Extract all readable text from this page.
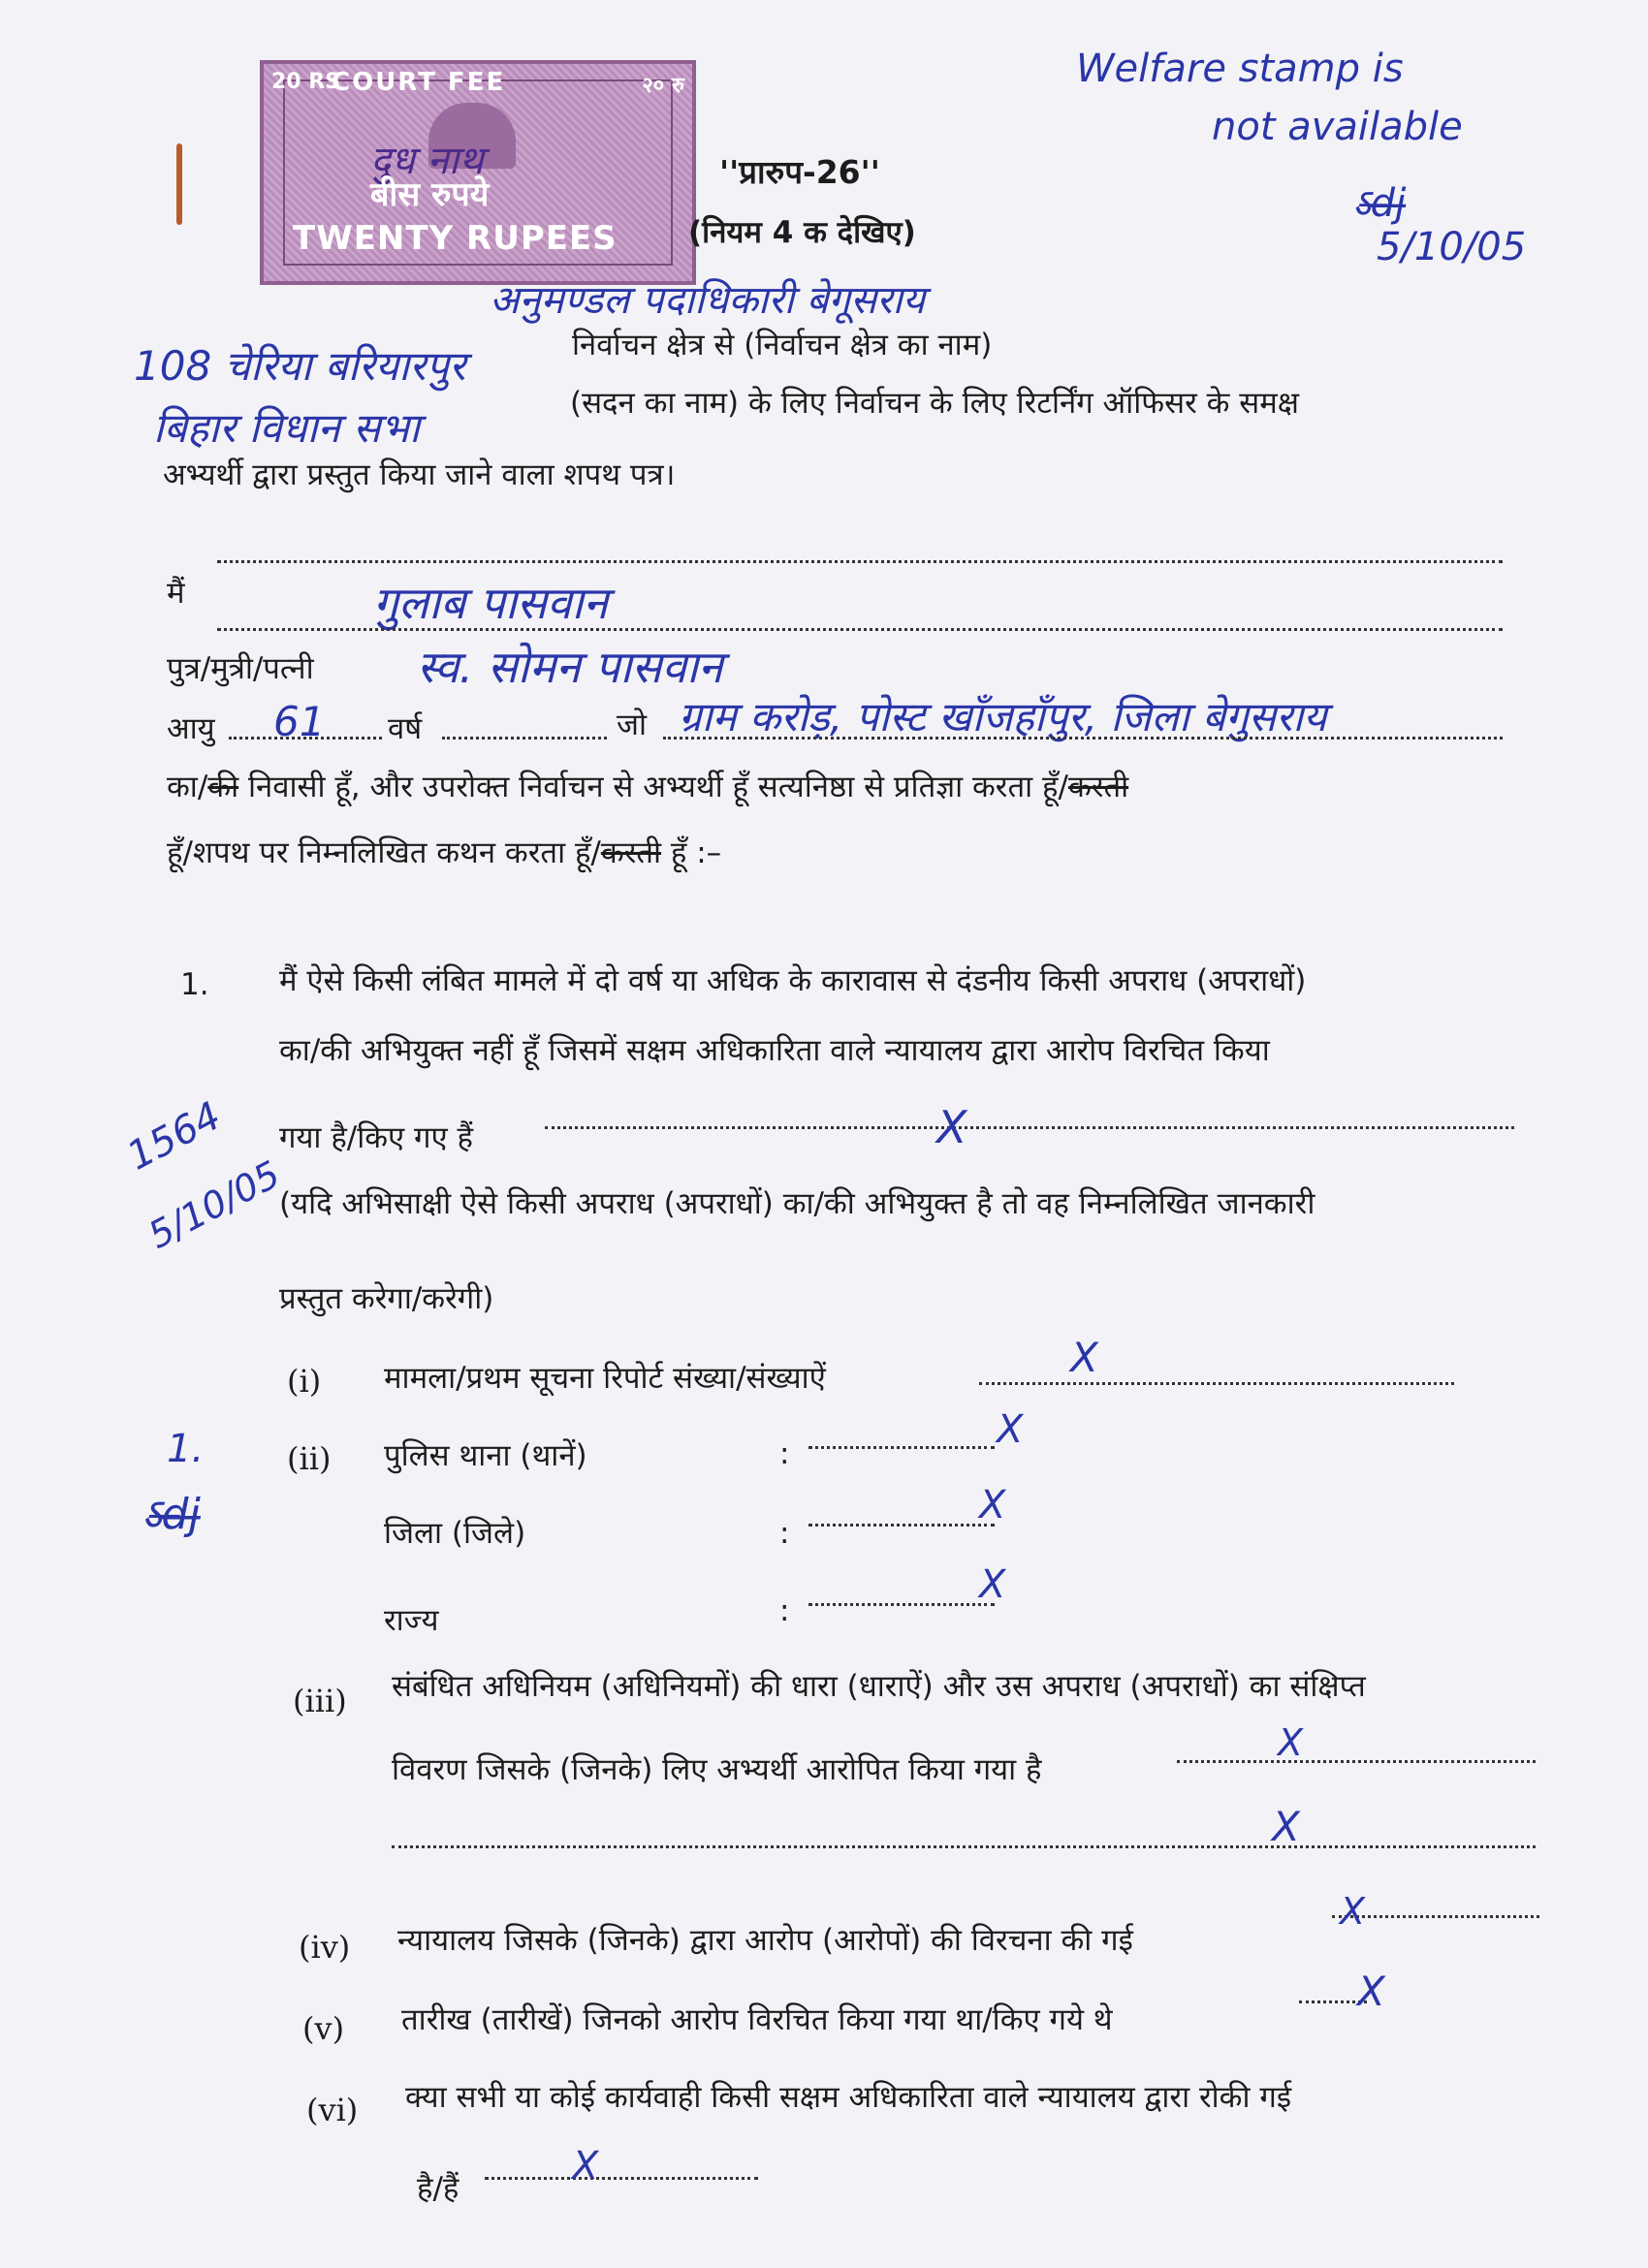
20 RS	२० रु
COURT FEE
दुध नाथ
बीस रुपये
TWENTY RUPEES
''प्रारुप-26''
(नियम 4 क देखिए)
Welfare stamp is
not available
ऽ̶d̶j̶
5/10/05
अनुमण्डल पदाधिकारी बेगूसराय
108 चेरिया बरियारपुर	निर्वाचन क्षेत्र से (निर्वाचन क्षेत्र का नाम)
बिहार विधान सभा
(सदन का नाम) के लिए निर्वाचन के लिए रिटर्निंग ऑफिसर के समक्ष
अभ्यर्थी द्वारा प्रस्तुत किया जाने वाला शपथ पत्र।
मैं	गुलाब पासवान
पुत्र/मुत्री/पत्नी स्व. सोमन पासवान
आयु 61 वर्ष	जो ग्राम करोड़, पोस्ट खाँजहाँपुर, जिला बेगुसराय
का/की निवासी हूँ, और उपरोक्त निर्वाचन से अभ्यर्थी हूँ सत्यनिष्ठा से प्रतिज्ञा करता हूँ/करती
हूँ/शपथ पर निम्नलिखित कथन करता हूँ/करती हूँ :–
1. मैं ऐसे किसी लंबित मामले में दो वर्ष या अधिक के कारावास से दंडनीय किसी अपराध (अपराधों)
का/की अभियुक्त नहीं हूँ जिसमें सक्षम अधिकारिता वाले न्यायालय द्वारा आरोप विरचित किया
गया है/किए गए हैं	X
(यदि अभिसाक्षी ऐसे किसी अपराध (अपराधों) का/की अभियुक्त है तो वह निम्नलिखित जानकारी
प्रस्तुत करेगा/करेगी)
1564
5/10/05
1.
ऽ̶d̶j̶
(i) मामला/प्रथम सूचना रिपोर्ट संख्या/संख्याऐं	X
(ii) पुलिस थाना (थानें)	:
X
जिला (जिले)	:
X
राज्य	:
X
(iii) संबंधित अधिनियम (अधिनियमों) की धारा (धाराऐं) और उस अपराध (अपराधों) का संक्षिप्त
विवरण जिसके (जिनके) लिए अभ्यर्थी आरोपित किया गया है
X
X
(iv) न्यायालय जिसके (जिनके) द्वारा आरोप (आरोपों) की विरचना की गई
X
(v) तारीख (तारीखें) जिनको आरोप विरचित किया गया था/किए गये थे
X
(vi) क्या सभी या कोई कार्यवाही किसी सक्षम अधिकारिता वाले न्यायालय द्वारा रोकी गई
है/हैं	X
